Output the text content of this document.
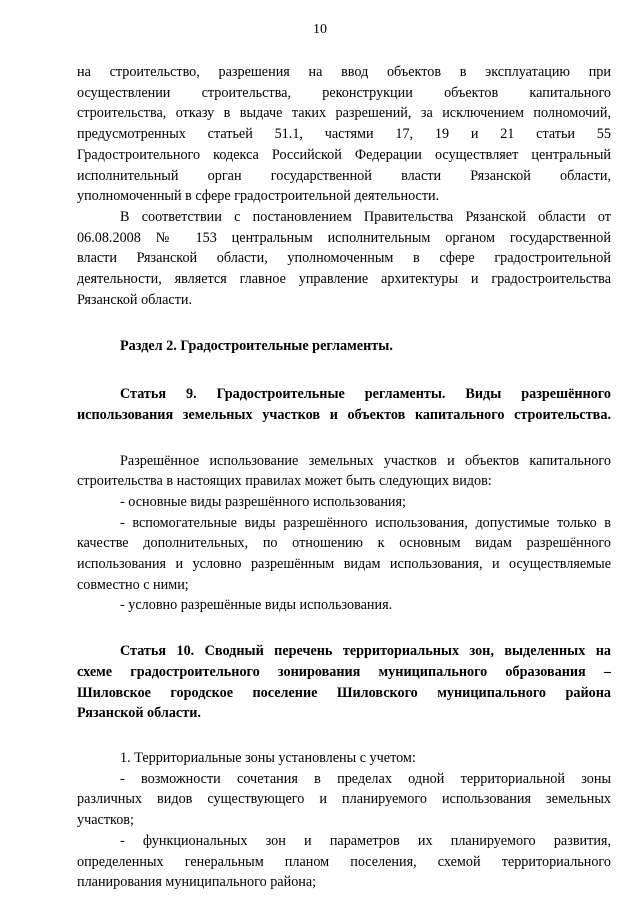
10
на строительство, разрешения на ввод объектов в эксплуатацию при
осуществлении строительства, реконструкции объектов капитального
строительства, отказу в выдаче таких разрешений, за исключением полномочий,
предусмотренных статьей 51.1, частями 17, 19 и 21 статьи 55
Градостроительного кодекса Российской Федерации осуществляет центральный
исполнительный орган государственной власти Рязанской области,
уполномоченный в сфере градостроительной деятельности.
В соответствии с постановлением Правительства Рязанской области от
06.08.2008 № 153 центральным исполнительным органом государственной
власти Рязанской области, уполномоченным в сфере градостроительной
деятельности, является главное управление архитектуры и градостроительства
Рязанской области.
Раздел 2. Градостроительные регламенты.
Статья 9. Градостроительные регламенты. Виды разрешённого
использования земельных участков и объектов капитального строительства.
Разрешённое использование земельных участков и объектов капитального
строительства в настоящих правилах может быть следующих видов:
- основные виды разрешённого использования;
- вспомогательные виды разрешённого использования, допустимые только в
качестве дополнительных, по отношению к основным видам разрешённого
использования и условно разрешённым видам использования, и осуществляемые
совместно с ними;
- условно разрешённые виды использования.
Статья 10. Сводный перечень территориальных зон, выделенных на
схеме градостроительного зонирования муниципального образования –
Шиловское городское поселение Шиловского муниципального района
Рязанской области.
1. Территориальные зоны установлены с учетом:
- возможности сочетания в пределах одной территориальной зоны
различных видов существующего и планируемого использования земельных
участков;
- функциональных зон и параметров их планируемого развития,
определенных генеральным планом поселения, схемой территориального
планирования муниципального района;
